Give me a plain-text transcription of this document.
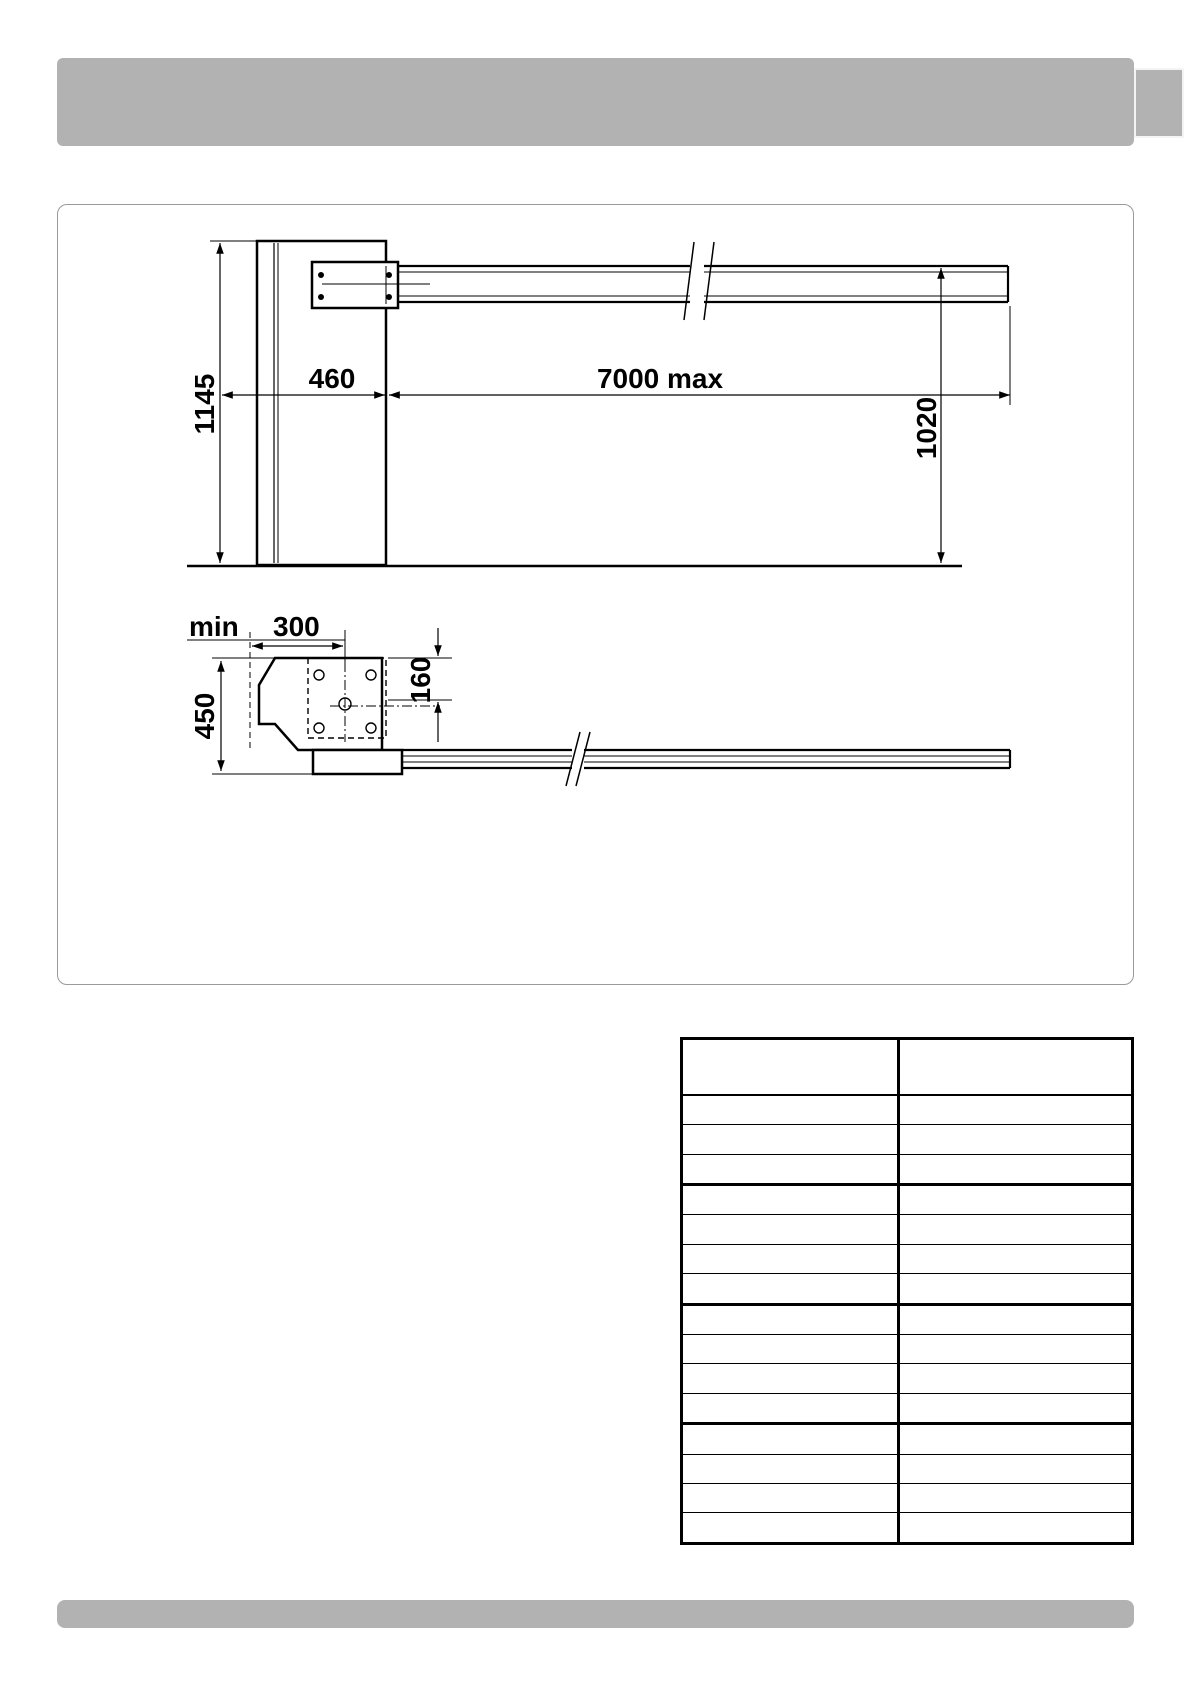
1145	460	7000 max
1020
min 300
450
160
